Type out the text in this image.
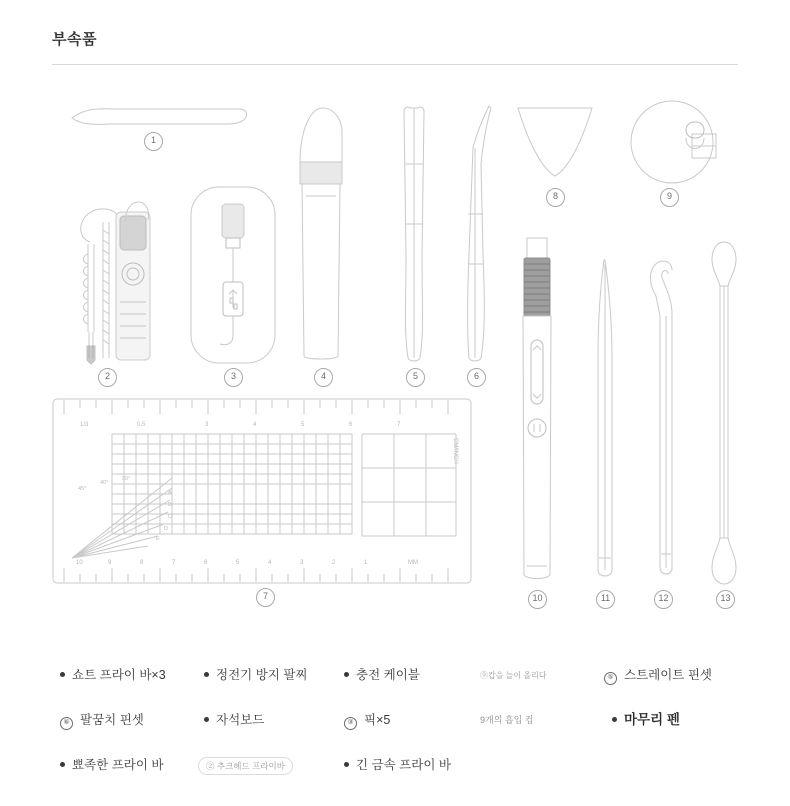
부속품
1
2	3	4	5	6
8	9
10	11	12	13
1/3	0.5	3	4	5	6	7
CM/INCH
10	9	8	7	6	5	4	3	2	1	MM
45°
40°
30°
A
B
C
D
E
7
쇼트 프라이 바×3	정전기 방지 팔찌	충전 케이블	⑨캅을 늘이 올리다	⑤ 스트레이트 핀셋
⑥ 팔꿈치 핀셋	자석보드	③ 픽×5	9개의 흡입 컵	마무리 펜
뾰족한 프라이 바	② 추크헤드 프라이바	긴 금속 프라이 바
